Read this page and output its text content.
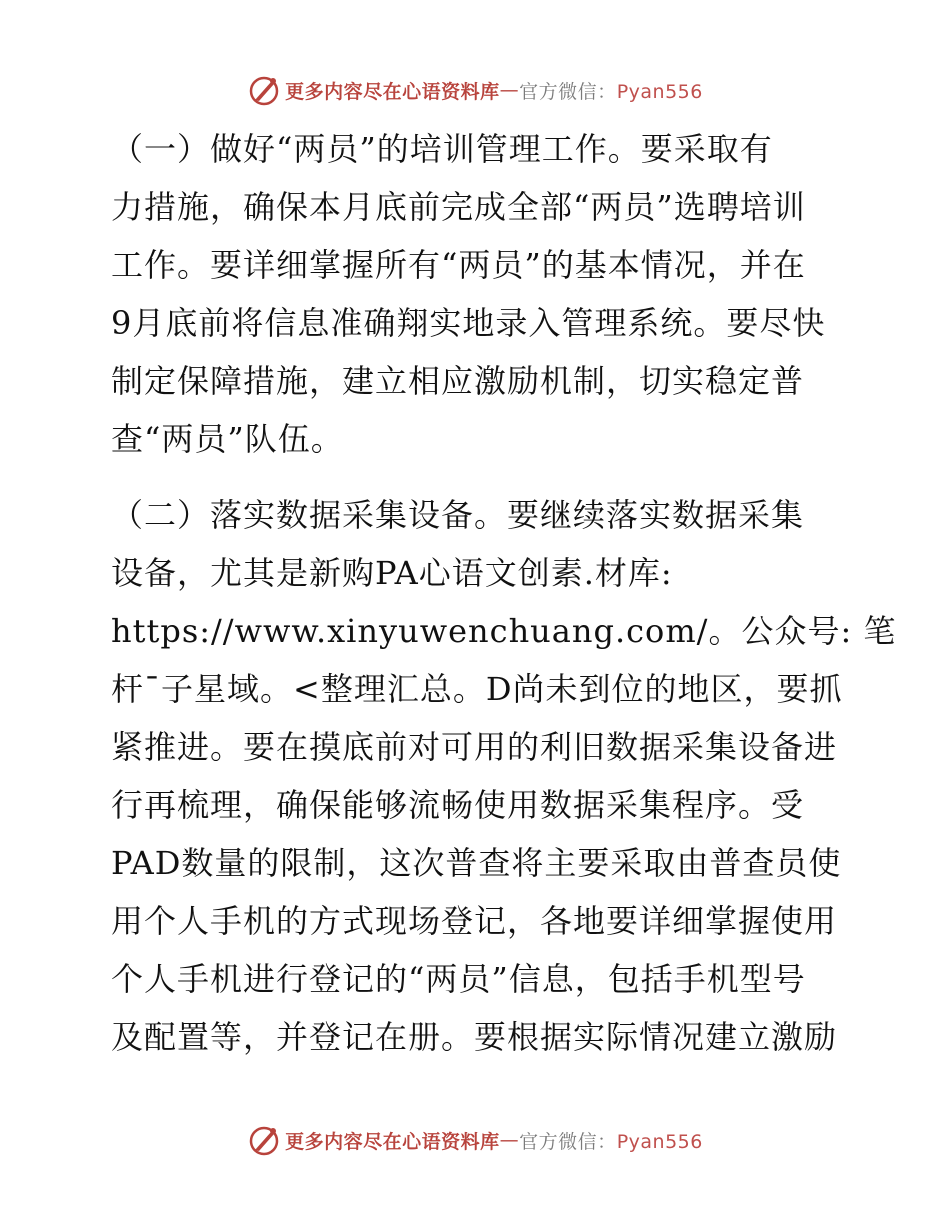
更多内容尽在心语资料库 — 官方微信：Pyan556

（一）做好“两员”的培训管理工作。要采取有
力措施，确保本月底前完成全部“两员”选聘培训
工作。要详细掌握所有“两员”的基本情况，并在
9月底前将信息准确翔实地录入管理系统。要尽快
制定保障措施，建立相应激励机制，切实稳定普
查“两员”队伍。

（二）落实数据采集设备。要继续落实数据采集
设备，尤其是新购PA心语文创素.材库:
https://www.xinyuwenchuang.com/。公众号: 笔
杆¯子星域。<整理汇总。D尚未到位的地区，要抓
紧推进。要在摸底前对可用的利旧数据采集设备进
行再梳理，确保能够流畅使用数据采集程序。受
PAD数量的限制，这次普查将主要采取由普查员使
用个人手机的方式现场登记，各地要详细掌握使用
个人手机进行登记的“两员”信息，包括手机型号
及配置等，并登记在册。要根据实际情况建立激励

更多内容尽在心语资料库 — 官方微信：Pyan556
